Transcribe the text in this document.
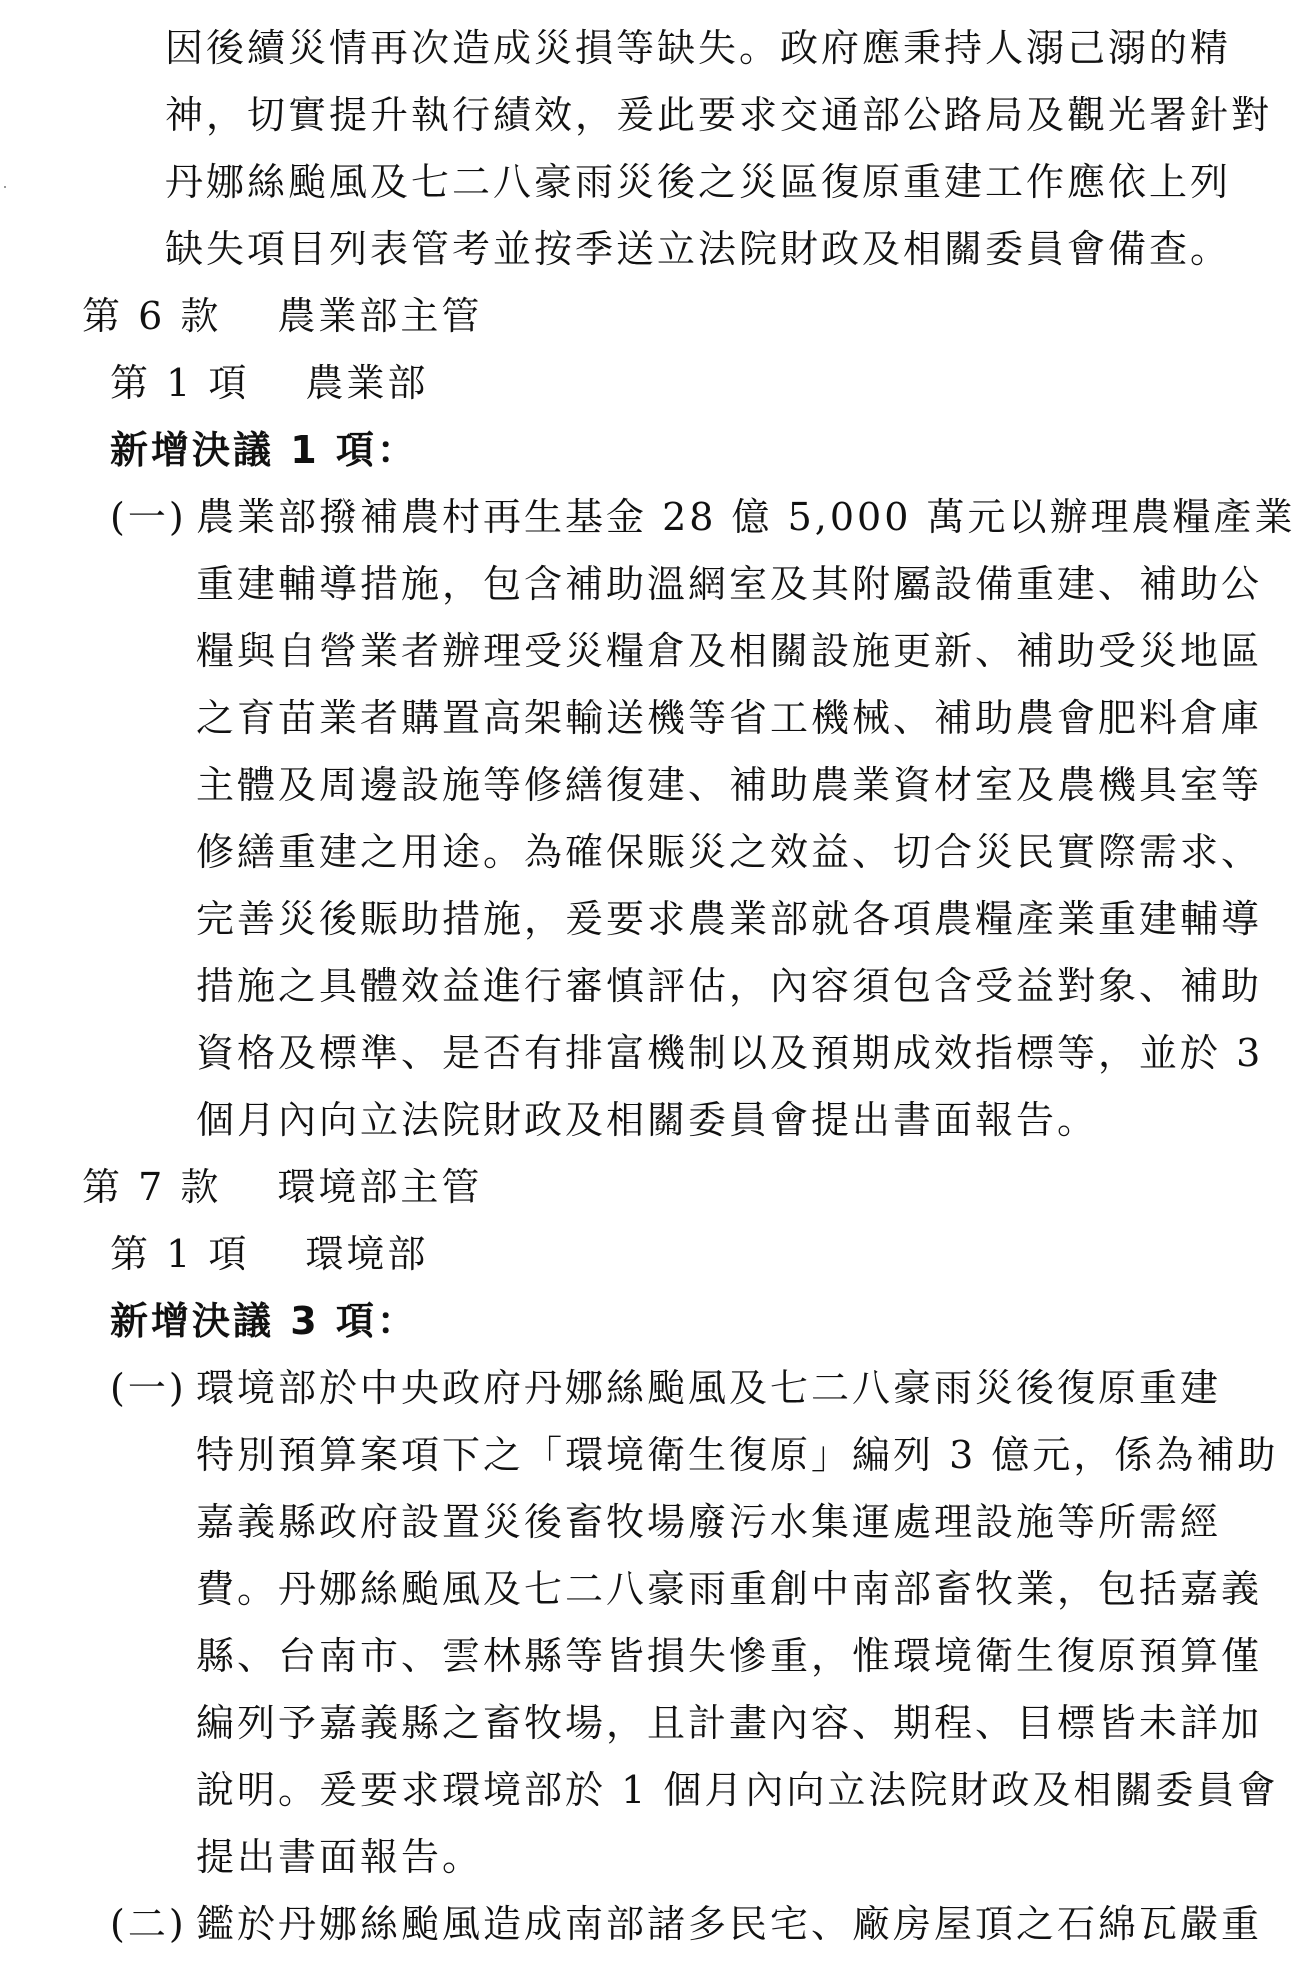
因後續災情再次造成災損等缺失。政府應秉持人溺己溺的精
神，切實提升執行績效，爰此要求交通部公路局及觀光署針對
丹娜絲颱風及七二八豪雨災後之災區復原重建工作應依上列
缺失項目列表管考並按季送立法院財政及相關委員會備查。
第 6 款　 農業部主管
第 1 項　 農業部
新增決議 1 項：
(一) 農業部撥補農村再生基金 28 億 5,000 萬元以辦理農糧產業
重建輔導措施，包含補助溫網室及其附屬設備重建、補助公
糧與自營業者辦理受災糧倉及相關設施更新、補助受災地區
之育苗業者購置高架輸送機等省工機械、補助農會肥料倉庫
主體及周邊設施等修繕復建、補助農業資材室及農機具室等
修繕重建之用途。為確保賑災之效益、切合災民實際需求、
完善災後賑助措施，爰要求農業部就各項農糧產業重建輔導
措施之具體效益進行審慎評估，內容須包含受益對象、補助
資格及標準、是否有排富機制以及預期成效指標等，並於 3
個月內向立法院財政及相關委員會提出書面報告。
第 7 款　 環境部主管
第 1 項　 環境部
新增決議 3 項：
(一) 環境部於中央政府丹娜絲颱風及七二八豪雨災後復原重建
特別預算案項下之「環境衛生復原」編列 3 億元，係為補助
嘉義縣政府設置災後畜牧場廢污水集運處理設施等所需經
費。丹娜絲颱風及七二八豪雨重創中南部畜牧業，包括嘉義
縣、台南市、雲林縣等皆損失慘重，惟環境衛生復原預算僅
編列予嘉義縣之畜牧場，且計畫內容、期程、目標皆未詳加
說明。爰要求環境部於 1 個月內向立法院財政及相關委員會
提出書面報告。
(二) 鑑於丹娜絲颱風造成南部諸多民宅、廠房屋頂之石綿瓦嚴重
